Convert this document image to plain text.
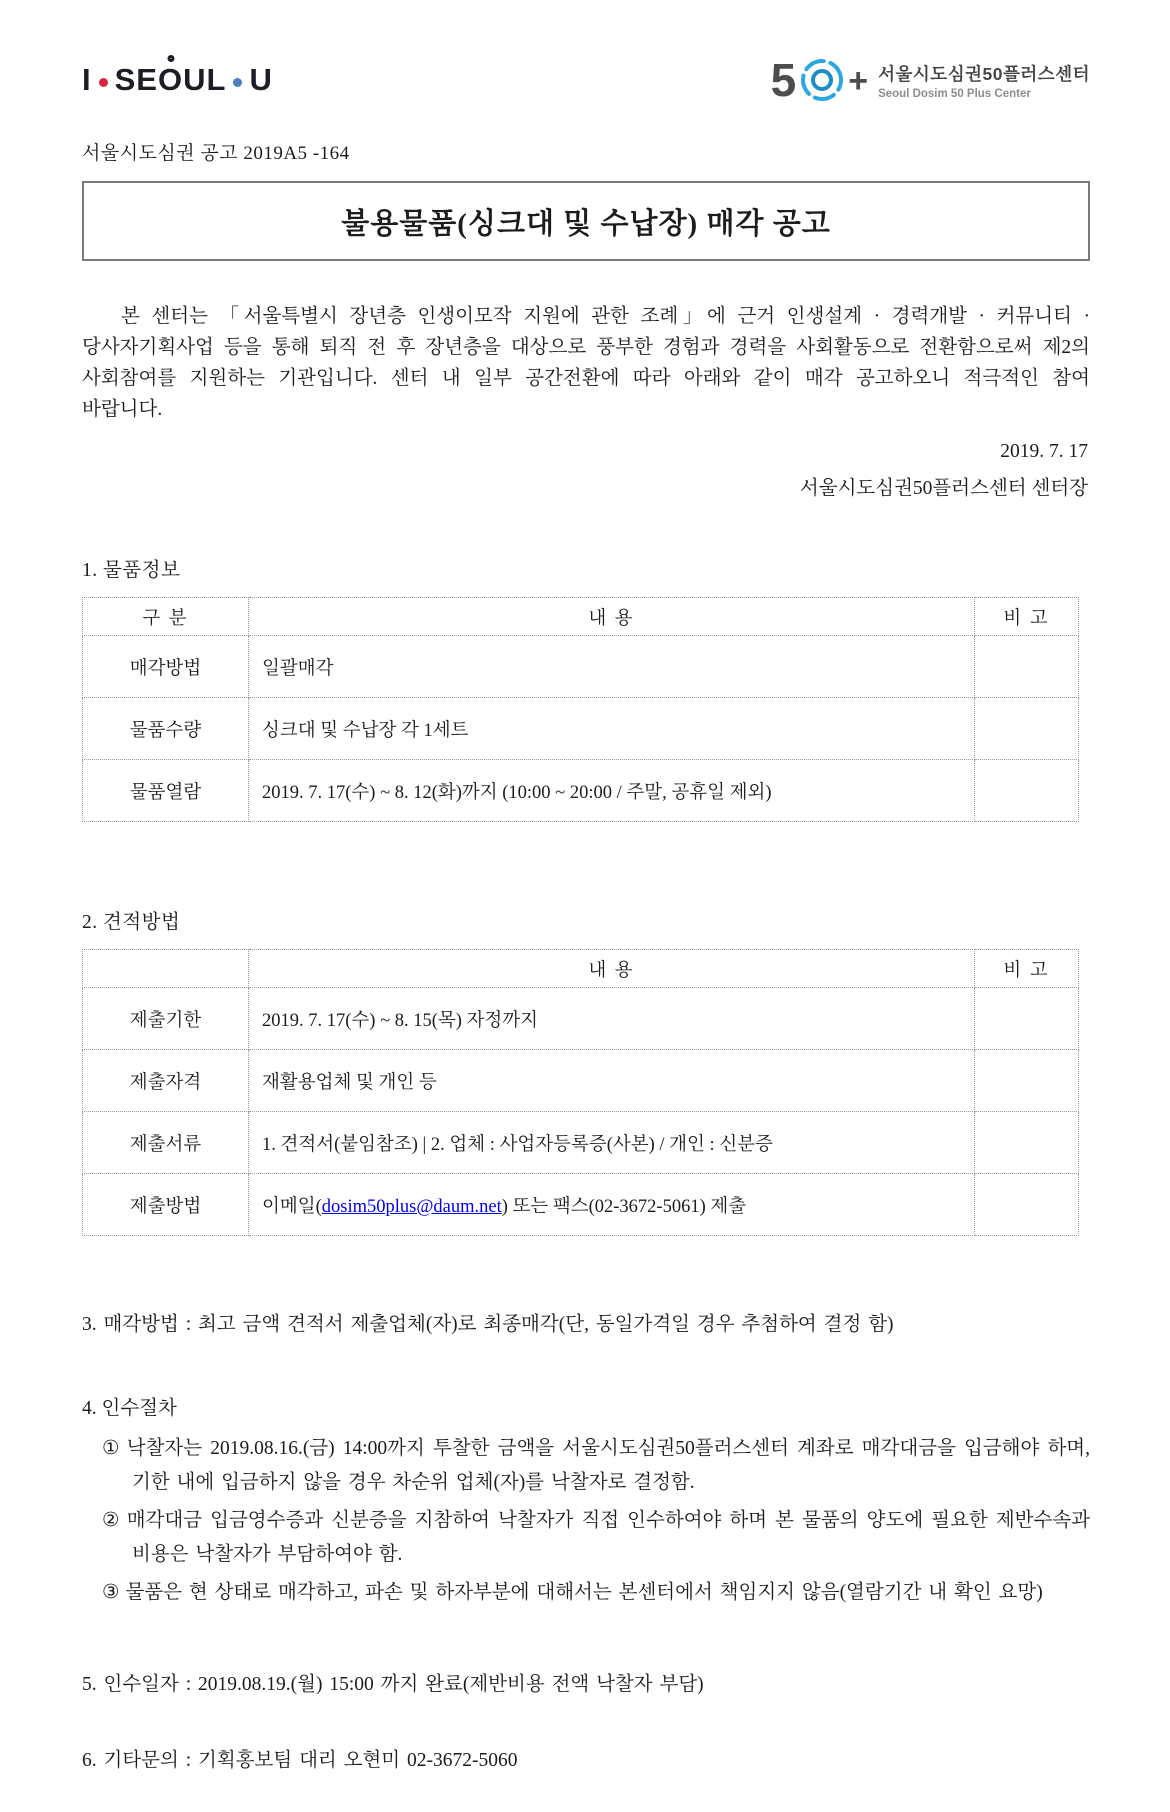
I SE O UL U	5 + 서울시도심권50플러스센터
Seoul Dosim 50 Plus Center
서울시도심권 공고 2019A5 -164
불용물품(싱크대 및 수납장) 매각 공고

본 센터는 「서울특별시 장년층 인생이모작 지원에 관한 조례」에 근거 인생설계 · 경력개발 · 커뮤니티 · 당사자기획사업 등을 통해 퇴직 전 후 장년층을 대상으로 풍부한 경험과 경력을 사회활동으로 전환함으로써 제2의 사회참여를 지원하는 기관입니다. 센터 내 일부 공간전환에 따라 아래와 같이 매각 공고하오니 적극적인 참여 바랍니다.

2019. 7. 17
서울시도심권50플러스센터 센터장
1. 물품정보
구 분	내 용	비 고
매각방법	일괄매각	
물품수량	싱크대 및 수납장 각 1세트	
물품열람	2019. 7. 17(수) ~ 8. 12(화)까지 (10:00 ~ 20:00 / 주말, 공휴일 제외)	
2. 견적방법
	내 용	비 고
제출기한	2019. 7. 17(수) ~ 8. 15(목) 자정까지	
제출자격	재활용업체 및 개인 등	
제출서류	1. 견적서(붙임참조) | 2. 업체 : 사업자등록증(사본) / 개인 : 신분증	
제출방법	이메일(dosim50plus@daum.net) 또는 팩스(02-3672-5061) 제출	
3. 매각방법 : 최고 금액 견적서 제출업체(자)로 최종매각(단, 동일가격일 경우 추첨하여 결정 함)
4. 인수절차

① 낙찰자는 2019.08.16.(금) 14:00까지 투찰한 금액을 서울시도심권50플러스센터 계좌로 매각대금을 입금해야 하며, 기한 내에 입금하지 않을 경우 차순위 업체(자)를 낙찰자로 결정함.

② 매각대금 입금영수증과 신분증을 지참하여 낙찰자가 직접 인수하여야 하며 본 물품의 양도에 필요한 제반수속과 비용은 낙찰자가 부담하여야 함.

③ 물품은 현 상태로 매각하고, 파손 및 하자부분에 대해서는 본센터에서 책임지지 않음(열람기간 내 확인 요망)

5. 인수일자 : 2019.08.19.(월) 15:00 까지 완료(제반비용 전액 낙찰자 부담)
6. 기타문의 : 기획홍보팀 대리 오현미 02-3672-5060
